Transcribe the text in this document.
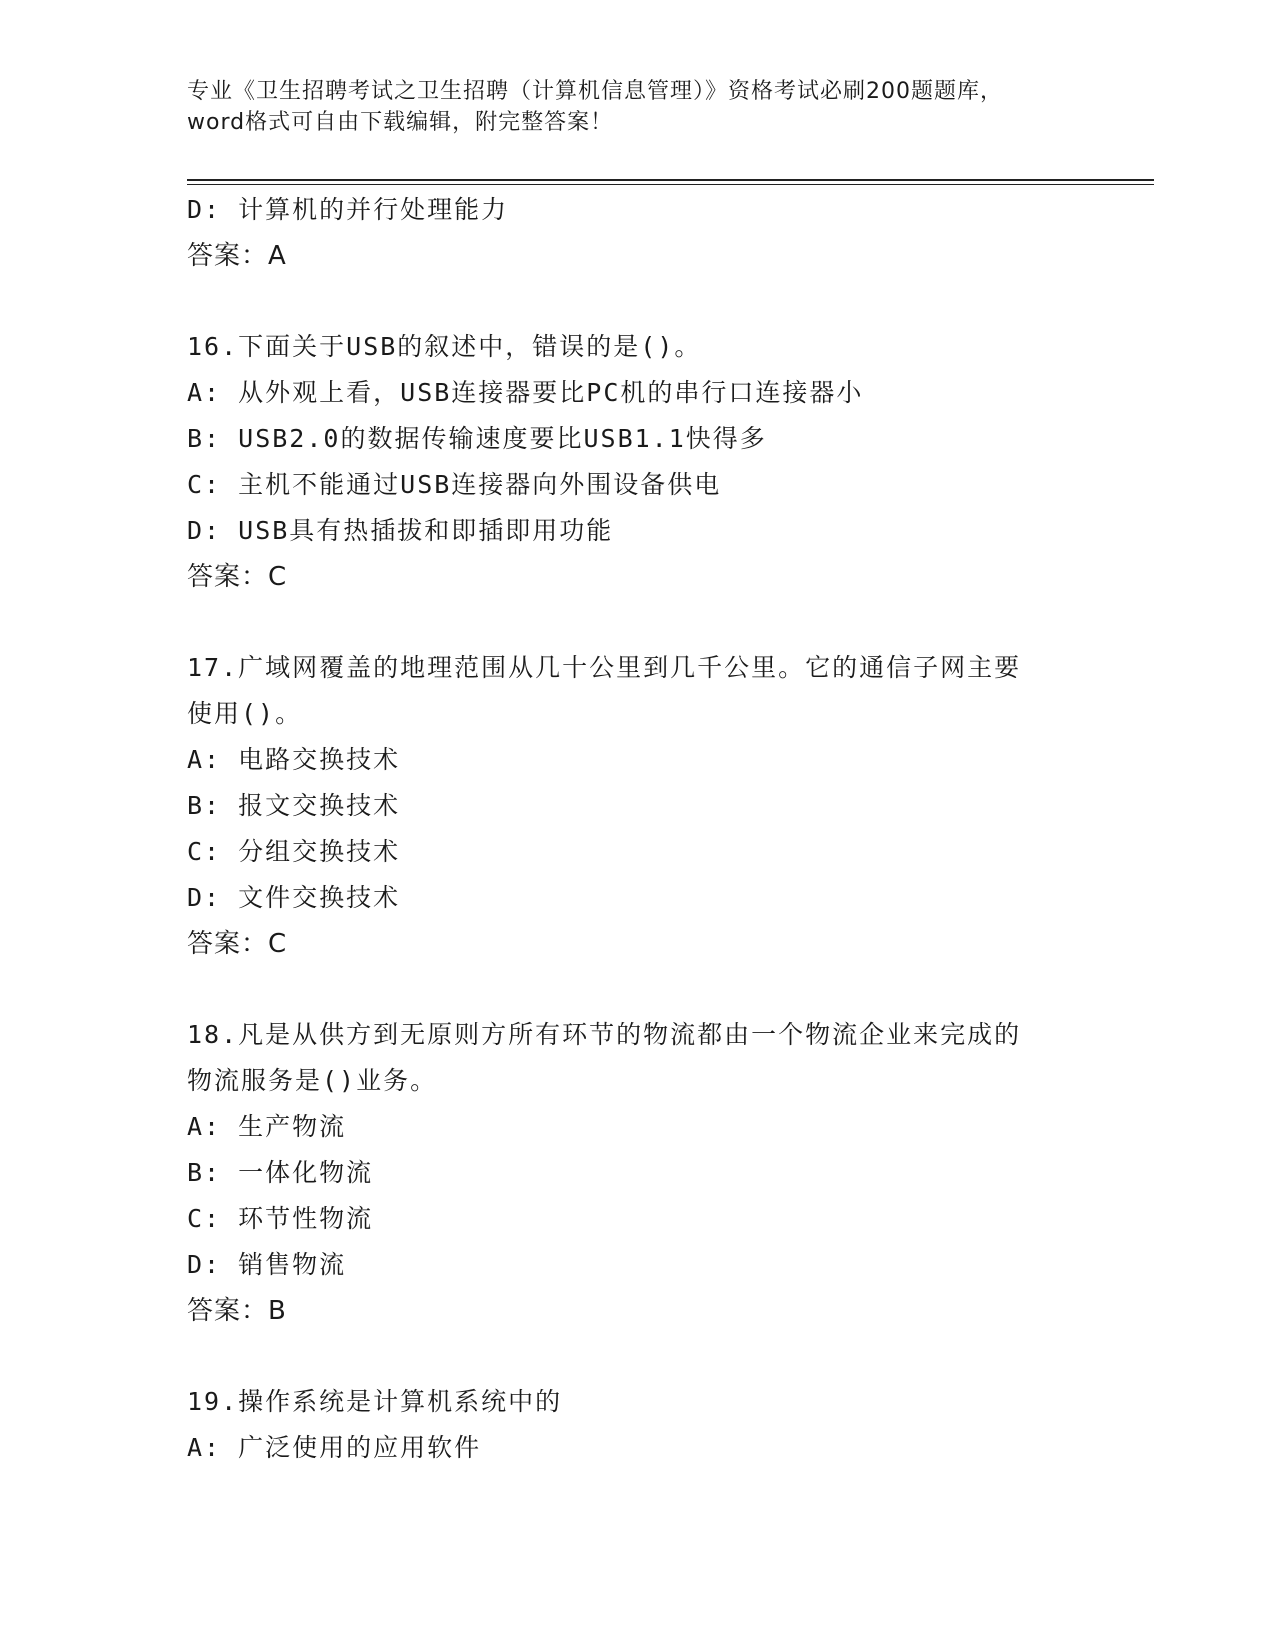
专业《卫生招聘考试之卫生招聘（计算机信息管理）》资格考试必刷200题题库，
word格式可自由下载编辑，附完整答案！
D: 计算机的并行处理能力
答案：A
16.下面关于USB的叙述中，错误的是()。
A: 从外观上看，USB连接器要比PC机的串行口连接器小
B: USB2.0的数据传输速度要比USB1.1快得多
C: 主机不能通过USB连接器向外围设备供电
D: USB具有热插拔和即插即用功能
答案：C
17.广域网覆盖的地理范围从几十公里到几千公里。它的通信子网主要
使用()。
A: 电路交换技术
B: 报文交换技术
C: 分组交换技术
D: 文件交换技术
答案：C
18.凡是从供方到无原则方所有环节的物流都由一个物流企业来完成的
物流服务是()业务。
A: 生产物流
B: 一体化物流
C: 环节性物流
D: 销售物流
答案：B
19.操作系统是计算机系统中的
A: 广泛使用的应用软件
